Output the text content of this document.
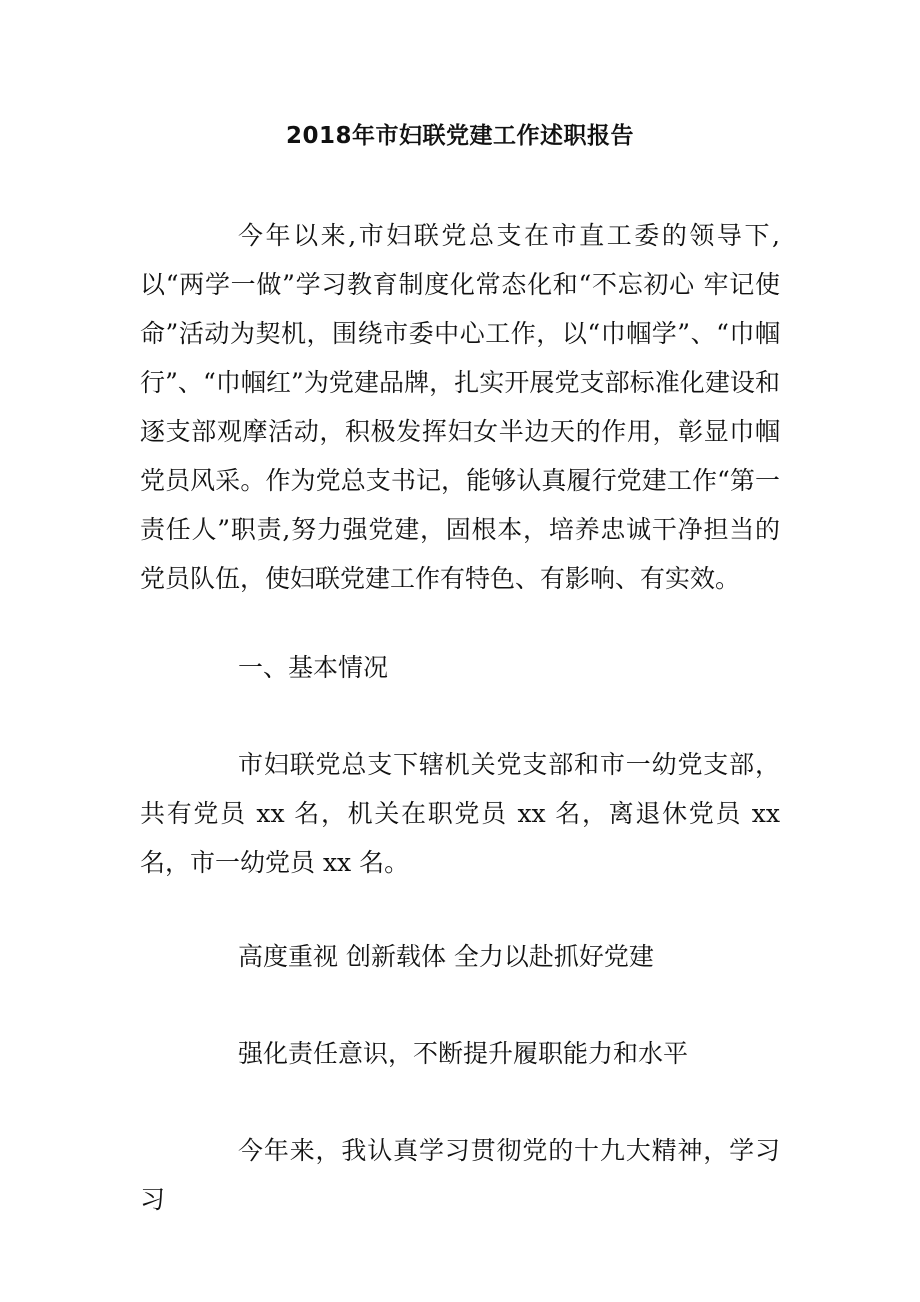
2018年市妇联党建工作述职报告

今年以来,市妇联党总支在市直工委的领导下,以“两学一做”学习教育制度化常态化和“不忘初心 牢记使命”活动为契机，围绕市委中心工作，以“巾帼学”、“巾帼行”、“巾帼红”为党建品牌，扎实开展党支部标准化建设和逐支部观摩活动，积极发挥妇女半边天的作用，彰显巾帼党员风采。作为党总支书记，能够认真履行党建工作“第一责任人”职责,努力强党建，固根本，培养忠诚干净担当的党员队伍，使妇联党建工作有特色、有影响、有实效。

一、基本情况

市妇联党总支下辖机关党支部和市一幼党支部，共有党员 xx 名，机关在职党员 xx 名，离退休党员 xx 名，市一幼党员 xx 名。

高度重视 创新载体 全力以赴抓好党建

强化责任意识，不断提升履职能力和水平

今年来，我认真学习贯彻党的十九大精神，学习习
